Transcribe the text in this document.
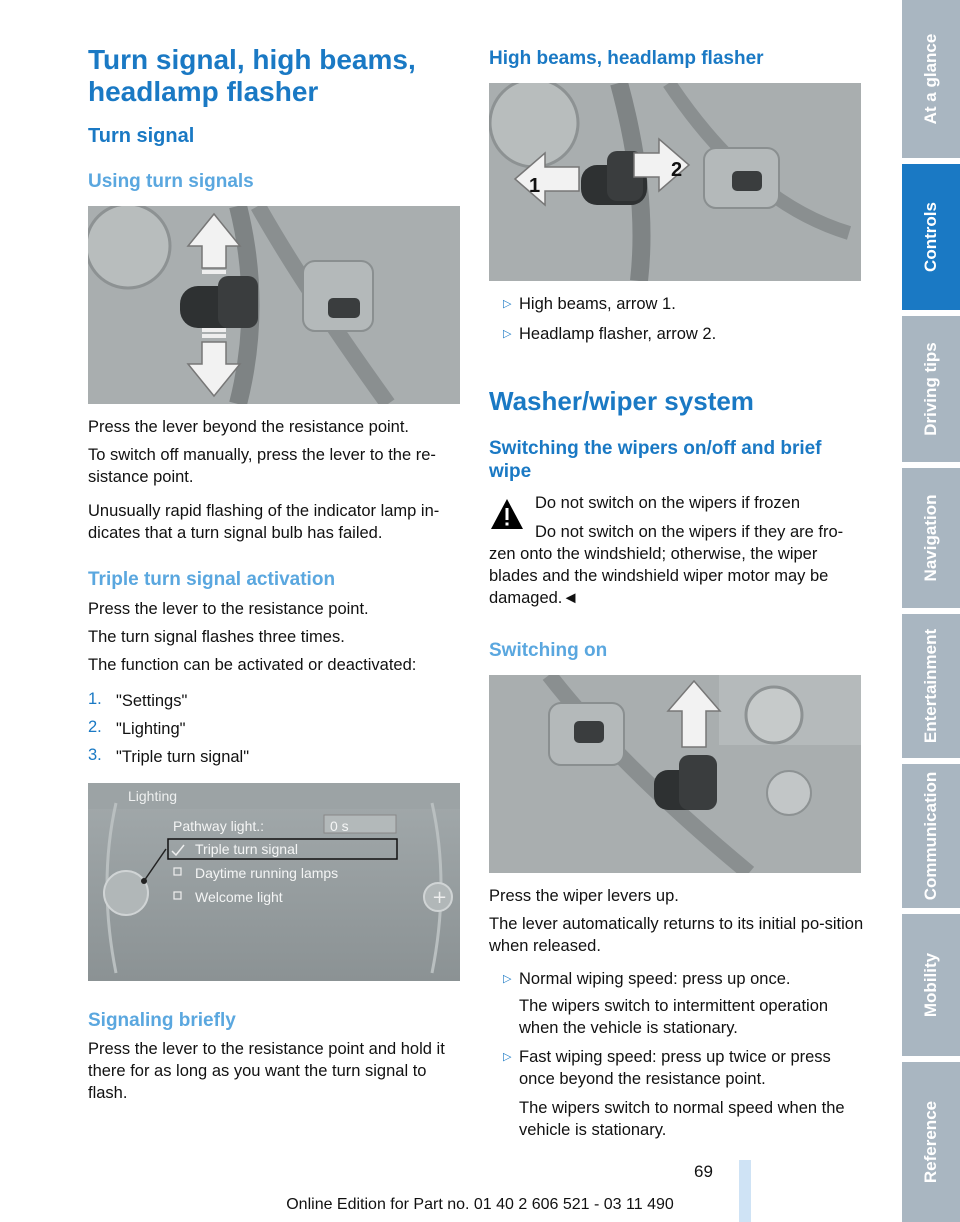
Turn signal, high beams, headlamp flasher
Turn signal
Using turn signals

Press the lever beyond the resistance point.

To switch off manually, press the lever to the re-sistance point.

Unusually rapid flashing of the indicator lamp in-dicates that a turn signal bulb has failed.

Triple turn signal activation

Press the lever to the resistance point.

The turn signal flashes three times.

The function can be activated or deactivated:

1. "Settings"
2. "Lighting"
3. "Triple turn signal"
+
Lighting
Pathway light.:	0 s
Triple turn signal
Daytime running lamps
Welcome light
Signaling briefly

Press the lever to the resistance point and hold it there for as long as you want the turn signal to flash.

High beams, headlamp flasher
1
2
▷ High beams, arrow 1.
▷ Headlamp flasher, arrow 2.
Washer/wiper system
Switching the wipers on/off and brief wipe

Do not switch on the wipers if frozen

Do not switch on the wipers if they are fro-zen onto the windshield; otherwise, the wiper blades and the windshield wiper motor may be damaged.◄

Switching on

Press the wiper levers up.

The lever automatically returns to its initial po-sition when released.

▷ Normal wiping speed: press up once.
The wipers switch to intermittent operation when the vehicle is stationary.
▷ Fast wiping speed: press up twice or press once beyond the resistance point.
The wipers switch to normal speed when the vehicle is stationary.
69
Online Edition for Part no. 01 40 2 606 521 - 03 11 490
At a glance
Controls
Driving tips
Navigation
Entertainment
Communication
Mobility
Reference
